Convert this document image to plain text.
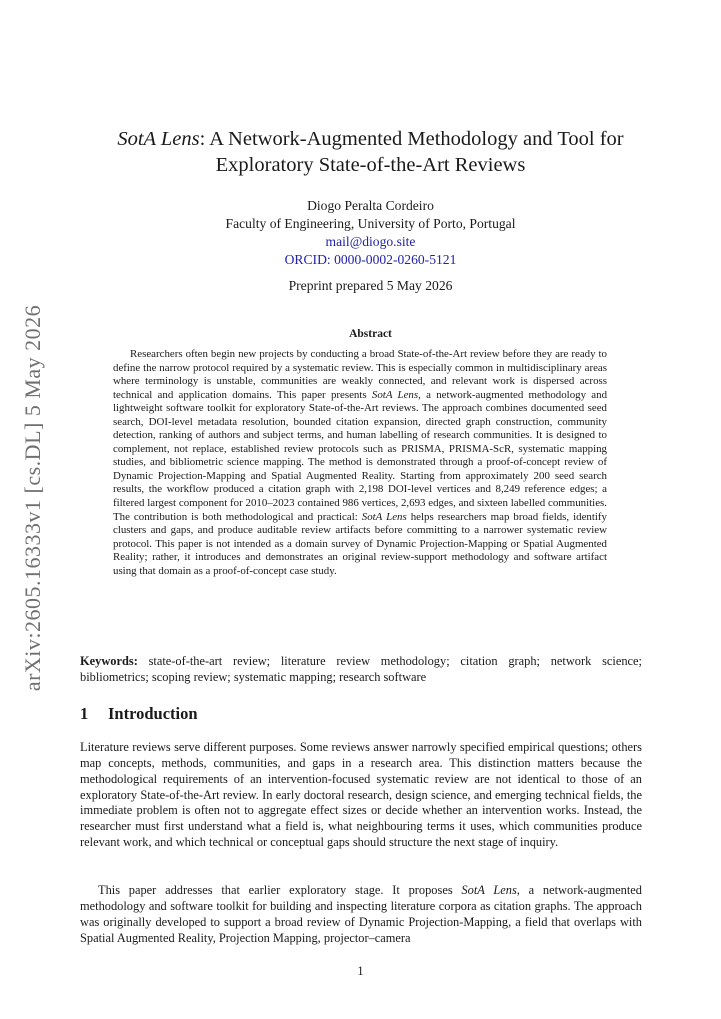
arXiv:2605.16333v1 [cs.DL] 5 May 2026
SotA Lens: A Network-Augmented Methodology and Tool for
Exploratory State-of-the-Art Reviews
Diogo Peralta Cordeiro
Faculty of Engineering, University of Porto, Portugal
mail@diogo.site
ORCID: 0000-0002-0260-5121
Preprint prepared 5 May 2026
Abstract

Researchers often begin new projects by conducting a broad State-of-the-Art review before they are ready to define the narrow protocol required by a systematic review. This is especially common in multidisciplinary areas where terminology is unstable, communities are weakly connected, and relevant work is dispersed across technical and application domains. This paper presents SotA Lens, a network-augmented methodology and lightweight software toolkit for exploratory State-of-the-Art reviews. The approach combines documented seed search, DOI-level metadata resolution, bounded citation expansion, directed graph construction, community detection, ranking of authors and subject terms, and human labelling of research communities. It is designed to complement, not replace, established review protocols such as PRISMA, PRISMA-ScR, systematic mapping studies, and bibliometric science mapping. The method is demonstrated through a proof-of-concept review of Dynamic Projection-Mapping and Spatial Augmented Reality. Starting from approximately 200 seed search results, the workflow produced a citation graph with 2,198 DOI-level vertices and 8,249 reference edges; a filtered largest component for 2010–2023 contained 986 vertices, 2,693 edges, and sixteen labelled communities. The contribution is both methodological and practical: SotA Lens helps researchers map broad fields, identify clusters and gaps, and produce auditable review artifacts before committing to a narrower systematic review protocol. This paper is not intended as a domain survey of Dynamic Projection-Mapping or Spatial Augmented Reality; rather, it introduces and demonstrates an original review-support methodology and software artifact using that domain as a proof-of-concept case study.

Keywords: state-of-the-art review; literature review methodology; citation graph; network science; bibliometrics; scoping review; systematic mapping; research software

1 Introduction

Literature reviews serve different purposes. Some reviews answer narrowly specified empirical questions; others map concepts, methods, communities, and gaps in a research area. This distinction matters because the methodological requirements of an intervention-focused systematic review are not identical to those of an exploratory State-of-the-Art review. In early doctoral research, design science, and emerging technical fields, the immediate problem is often not to aggregate effect sizes or decide whether an intervention works. Instead, the researcher must first understand what a field is, what neighbouring terms it uses, which communities produce relevant work, and which technical or conceptual gaps should structure the next stage of inquiry.

This paper addresses that earlier exploratory stage. It proposes SotA Lens, a network-augmented methodology and software toolkit for building and inspecting literature corpora as citation graphs. The approach was originally developed to support a broad review of Dynamic Projection-Mapping, a field that overlaps with Spatial Augmented Reality, Projection Mapping, projector–camera

1
